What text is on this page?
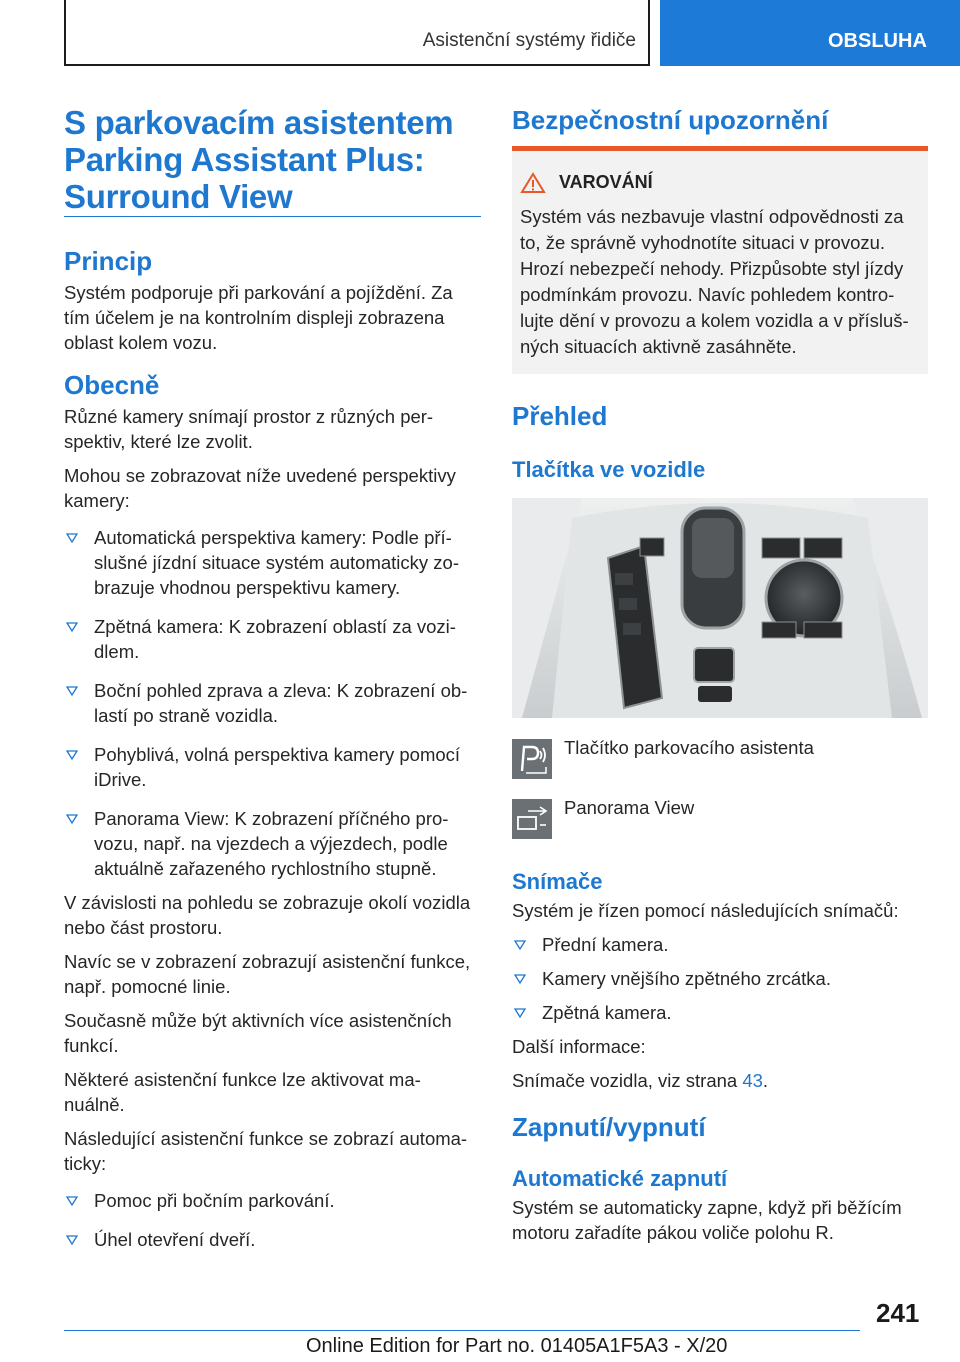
Asistenční systémy řidiče	OBSLUHA
S parkovacím asistentem
Parking Assistant Plus:
Surround View
Princip

Systém podporuje při parkování a pojíždění. Za tím účelem je na kontrolním displeji zobrazena oblast kolem vozu.

Obecně

Různé kamery snímají prostor z různých per‐spektiv, které lze zvolit.

Mohou se zobrazovat níže uvedené perspektivy kamery:

Automatická perspektiva kamery: Podle pří‐slušné jízdní situace systém automaticky zo‐brazuje vhodnou perspektivu kamery.
Zpětná kamera: K zobrazení oblastí za vozi‐dlem.
Boční pohled zprava a zleva: K zobrazení ob‐lastí po straně vozidla.
Pohyblivá, volná perspektiva kamery pomocí iDrive.
Panorama View: K zobrazení příčného pro‐vozu, např. na vjezdech a výjezdech, podle aktuálně zařazeného rychlostního stupně.

V závislosti na pohledu se zobrazuje okolí vozidla nebo část prostoru.

Navíc se v zobrazení zobrazují asistenční funkce, např. pomocné linie.

Současně může být aktivních více asistenčních funkcí.

Některé asistenční funkce lze aktivovat ma‐nuálně.

Následující asistenční funkce se zobrazí automa‐ticky:

Pomoc při bočním parkování.
Úhel otevření dveří.
Bezpečnostní upozornění
VAROVÁNÍ
Systém vás nezbavuje vlastní odpovědnosti za to, že správně vyhodnotíte situaci v provozu. Hrozí nebezpečí nehody. Přizpůsobte styl jízdy podmínkám provozu. Navíc pohledem kontro‐lujte dění v provozu a kolem vozidla a v přísluš‐ných situacích aktivně zasáhněte.
Přehled
Tlačítka ve vozidle
Tlačítko parkovacího asistenta
Panorama View
Snímače

Systém je řízen pomocí následujících snímačů:

Přední kamera.
Kamery vnějšího zpětného zrcátka.
Zpětná kamera.

Další informace:

Snímače vozidla, viz strana 43.

Zapnutí/vypnutí
Automatické zapnutí

Systém se automaticky zapne, když při běžícím motoru zařadíte pákou voliče polohu R.

241
Online Edition for Part no. 01405A1F5A3 - X/20
